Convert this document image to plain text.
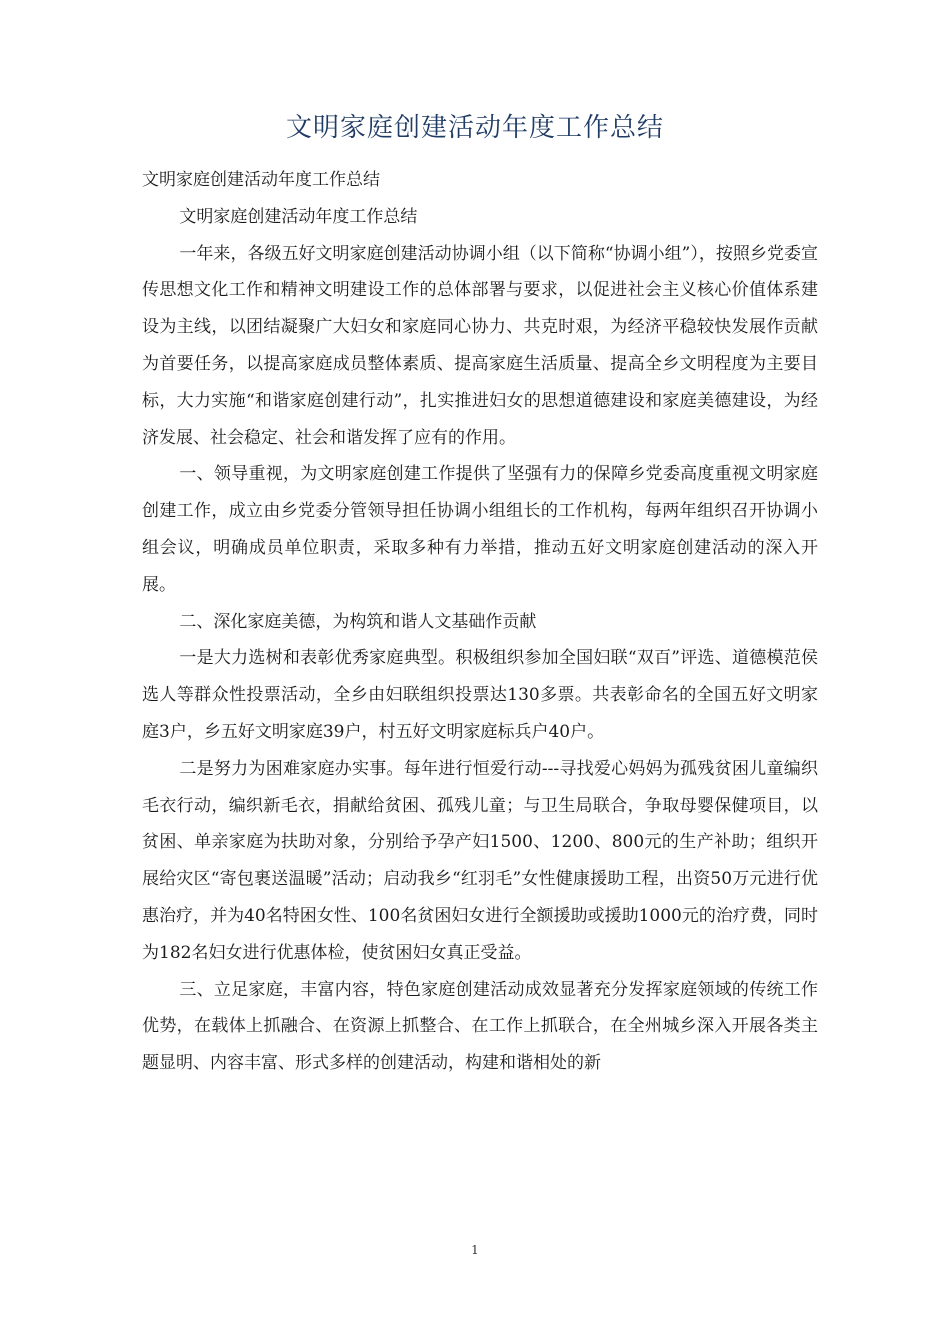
文明家庭创建活动年度工作总结

文明家庭创建活动年度工作总结

文明家庭创建活动年度工作总结

一年来，各级五好文明家庭创建活动协调小组（以下简称“协调小组”），按照乡党委宣传思想文化工作和精神文明建设工作的总体部署与要求，以促进社会主义核心价值体系建设为主线，以团结凝聚广大妇女和家庭同心协力、共克时艰，为经济平稳较快发展作贡献为首要任务，以提高家庭成员整体素质、提高家庭生活质量、提高全乡文明程度为主要目标，大力实施“和谐家庭创建行动”，扎实推进妇女的思想道德建设和家庭美德建设，为经济发展、社会稳定、社会和谐发挥了应有的作用。

一、领导重视，为文明家庭创建工作提供了坚强有力的保障乡党委高度重视文明家庭创建工作，成立由乡党委分管领导担任协调小组组长的工作机构，每两年组织召开协调小组会议，明确成员单位职责，采取多种有力举措，推动五好文明家庭创建活动的深入开展。

二、深化家庭美德，为构筑和谐人文基础作贡献

一是大力选树和表彰优秀家庭典型。积极组织参加全国妇联“双百”评选、道德模范侯选人等群众性投票活动，全乡由妇联组织投票达130多票。共表彰命名的全国五好文明家庭3户，乡五好文明家庭39户，村五好文明家庭标兵户40户。

二是努力为困难家庭办实事。每年进行恒爱行动---寻找爱心妈妈为孤残贫困儿童编织毛衣行动，编织新毛衣，捐献给贫困、孤残儿童；与卫生局联合，争取母婴保健项目，以贫困、单亲家庭为扶助对象，分别给予孕产妇1500、1200、800元的生产补助；组织开展给灾区“寄包裹送温暖”活动；启动我乡“红羽毛”女性健康援助工程，出资50万元进行优惠治疗，并为40名特困女性、100名贫困妇女进行全额援助或援助1000元的治疗费，同时为182名妇女进行优惠体检，使贫困妇女真正受益。

三、立足家庭，丰富内容，特色家庭创建活动成效显著充分发挥家庭领域的传统工作优势，在载体上抓融合、在资源上抓整合、在工作上抓联合，在全州城乡深入开展各类主题显明、内容丰富、形式多样的创建活动，构建和谐相处的新

1
